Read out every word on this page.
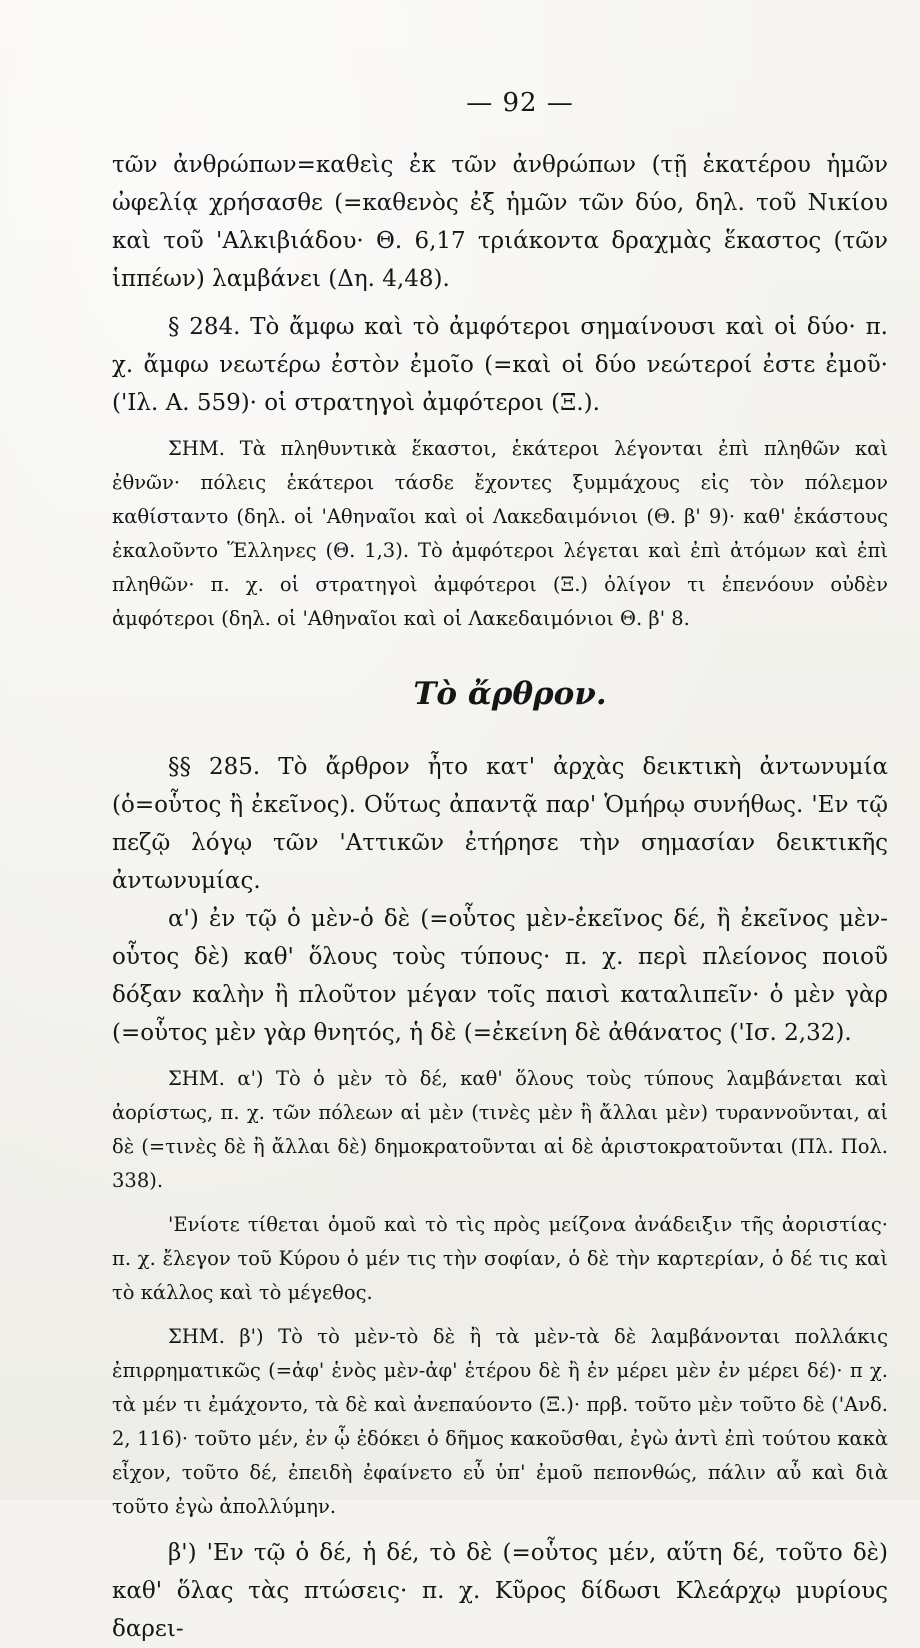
— 92 —

τῶν ἀνθρώπων=καθεὶς ἐκ τῶν ἀνθρώπων (τῇ ἑκατέρου ἡμῶν ὠφελίᾳ χρήσασθε (=καθενὸς ἐξ ἡμῶν τῶν δύο, δηλ. τοῦ Νικίου καὶ τοῦ 'Αλκιβιάδου· Θ. 6,17 τριάκοντα δραχμὰς ἕκαστος (τῶν ἱππέων) λαμβάνει (Δη. 4,48).

§ 284. Τὸ ἄμφω καὶ τὸ ἀμφότεροι σημαίνουσι καὶ οἱ δύο· π. χ. ἄμφω νεωτέρω ἐστὸν ἐμοῖο (=καὶ οἱ δύο νεώτεροί ἐστε ἐμοῦ· ('Ιλ. Α. 559)· οἱ στρατηγοὶ ἀμφότεροι (Ξ.).

ΣΗΜ. Τὰ πληθυντικὰ ἕκαστοι, ἑκάτεροι λέγονται ἐπὶ πληθῶν καὶ ἐθνῶν· πόλεις ἑκάτεροι τάσδε ἔχοντες ξυμμάχους εἰς τὸν πόλεμον καθίσταντο (δηλ. οἱ 'Αθηναῖοι καὶ οἱ Λακεδαιμόνιοι (Θ. β' 9)· καθ' ἑκάστους ἐκαλοῦντο Ἕλληνες (Θ. 1,3). Τὸ ἀμφότεροι λέγεται καὶ ἐπὶ ἀτόμων καὶ ἐπὶ πληθῶν· π. χ. οἱ στρατηγοὶ ἀμφότεροι (Ξ.) ὀλίγον τι ἐπενόουν οὐδὲν ἀμφότεροι (δηλ. οἱ 'Αθηναῖοι καὶ οἱ Λακεδαιμόνιοι Θ. β' 8.

Τὸ ἄρθρον.

§§ 285. Τὸ ἄρθρον ἦτο κατ' ἀρχὰς δεικτικὴ ἀντωνυμία (ὁ=οὗτος ἢ ἐκεῖνος). Οὕτως ἀπαντᾷ παρ' Ὁμήρῳ συνήθως. 'Εν τῷ πεζῷ λόγῳ τῶν 'Αττικῶν ἐτήρησε τὴν σημασίαν δεικτικῆς ἀντωνυμίας.

α') ἐν τῷ ὁ μὲν-ὁ δὲ (=οὗτος μὲν-ἐκεῖνος δέ, ἢ ἐκεῖνος μὲν-οὗτος δὲ) καθ' ὅλους τοὺς τύπους· π. χ. περὶ πλείονος ποιοῦ δόξαν καλὴν ἢ πλοῦτον μέγαν τοῖς παισὶ καταλιπεῖν· ὁ μὲν γὰρ (=οὗτος μὲν γὰρ θνητός, ἡ δὲ (=ἐκείνη δὲ ἀθάνατος ('Ισ. 2,32).

ΣΗΜ. α') Τὸ ὁ μὲν τὸ δέ, καθ' ὅλους τοὺς τύπους λαμβάνεται καὶ ἀορίστως, π. χ. τῶν πόλεων αἱ μὲν (τινὲς μὲν ἢ ἄλλαι μὲν) τυραννοῦνται, αἱ δὲ (=τινὲς δὲ ἢ ἄλλαι δὲ) δημοκρατοῦνται αἱ δὲ ἀριστοκρατοῦνται (Πλ. Πολ. 338).

'Ενίοτε τίθεται ὁμοῦ καὶ τὸ τὶς πρὸς μείζονα ἀνάδειξιν τῆς ἀοριστίας· π. χ. ἔλεγον τοῦ Κύρου ὁ μέν τις τὴν σοφίαν, ὁ δὲ τὴν καρτερίαν, ὁ δέ τις καὶ τὸ κάλλος καὶ τὸ μέγεθος.

ΣΗΜ. β') Τὸ τὸ μὲν-τὸ δὲ ἢ τὰ μὲν-τὰ δὲ λαμβάνονται πολλάκις ἐπιρρηματικῶς (=ἀφ' ἑνὸς μὲν-ἀφ' ἑτέρου δὲ ἢ ἐν μέρει μὲν ἐν μέρει δέ)· π χ. τὰ μέν τι ἐμάχοντο, τὰ δὲ καὶ ἀνεπαύοντο (Ξ.)· πρβ. τοῦτο μὲν τοῦτο δὲ ('Ανδ. 2, 116)· τοῦτο μέν, ἐν ᾧ ἐδόκει ὁ δῆμος κακοῦσθαι, ἐγὼ ἀντὶ ἐπὶ τούτου κακὰ εἶχον, τοῦτο δέ, ἐπειδὴ ἐφαίνετο εὖ ὑπ' ἐμοῦ πεπονθώς, πάλιν αὖ καὶ διὰ τοῦτο ἐγὼ ἀπολλύμην.

β') 'Εν τῷ ὁ δέ, ἡ δέ, τὸ δὲ (=οὗτος μέν, αὕτη δέ, τοῦτο δὲ) καθ' ὅλας τὰς πτώσεις· π. χ. Κῦρος δίδωσι Κλεάρχῳ μυρίους δαρει-
